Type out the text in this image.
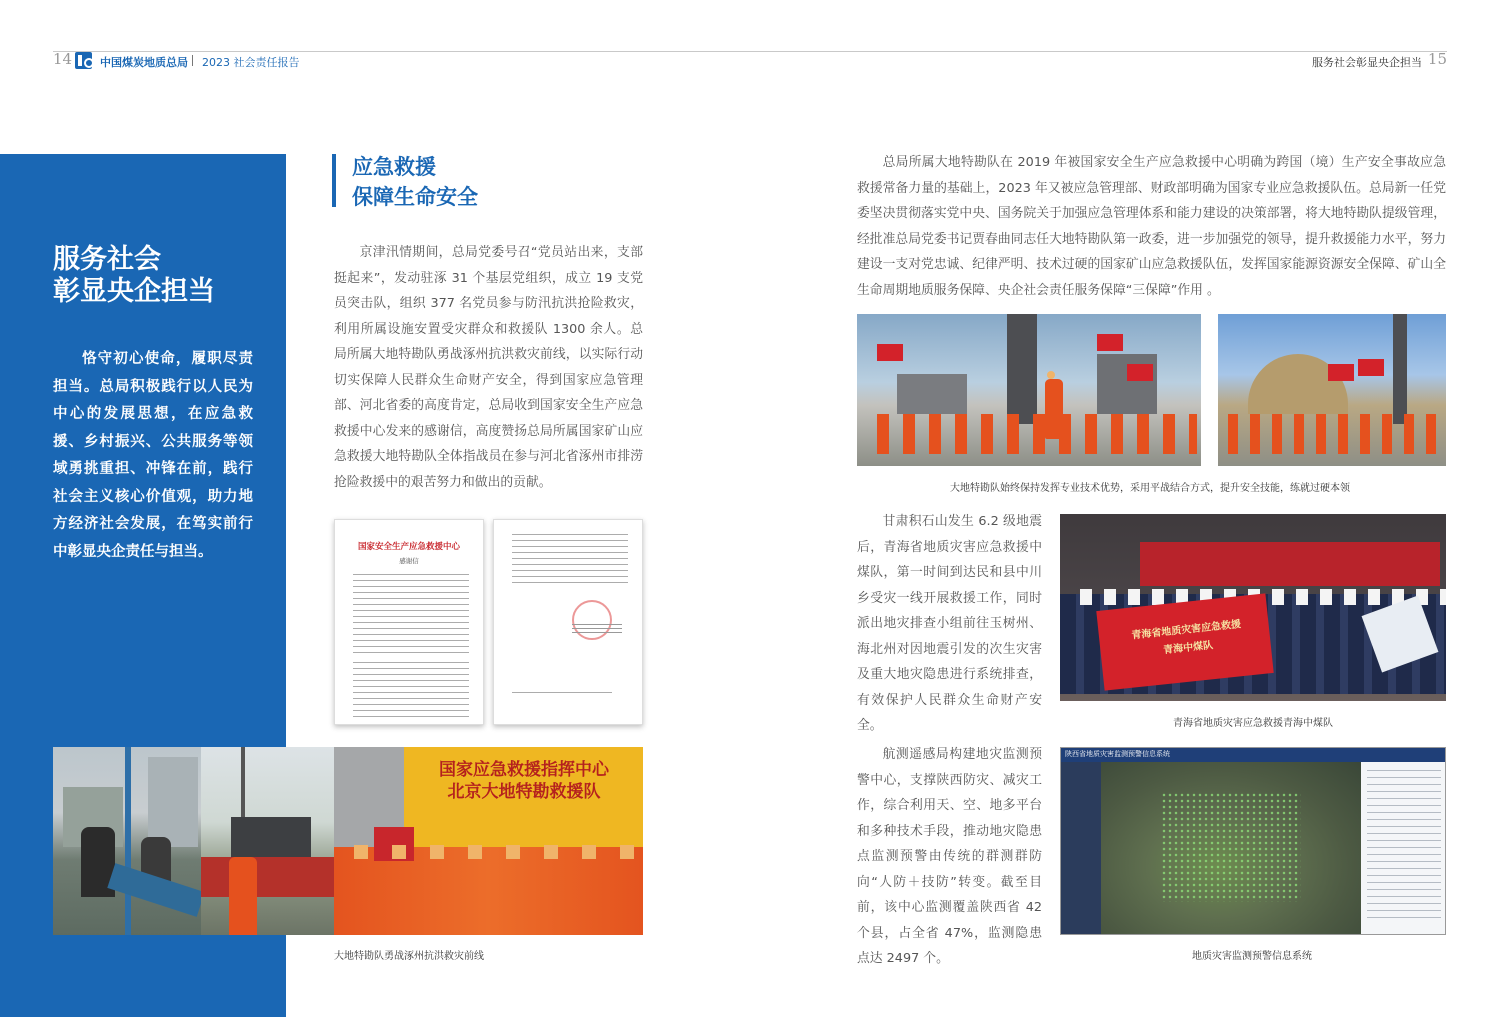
14	中国煤炭地质总局 2023 社会责任报告	服务社会彰显央企担当 15
服务社会
彰显央企担当
恪守初心使命，履职尽责担当。总局积极践行以人民为中心的发展思想，在应急救援、乡村振兴、公共服务等领域勇挑重担、冲锋在前，践行社会主义核心价值观，助力地方经济社会发展，在笃实前行中彰显央企责任与担当。
应急救援
保障生命安全
京津汛情期间，总局党委号召“党员站出来，支部挺起来”，发动驻涿 31 个基层党组织，成立 19 支党员突击队，组织 377 名党员参与防汛抗洪抢险救灾，利用所属设施安置受灾群众和救援队 1300 余人。总局所属大地特勘队勇战涿州抗洪救灾前线，以实际行动切实保障人民群众生命财产安全，得到国家应急管理部、河北省委的高度肯定，总局收到国家安全生产应急救援中心发来的感谢信，高度赞扬总局所属国家矿山应急救援大地特勘队全体指战员在参与河北省涿州市排涝抢险救援中的艰苦努力和做出的贡献。
国家安全生产应急救援中心
感谢信
国家应急救援指挥中心
北京大地特勘救援队
大地特勘队勇战涿州抗洪救灾前线
总局所属大地特勘队在 2019 年被国家安全生产应急救援中心明确为跨国（境）生产安全事故应急救援常备力量的基础上，2023 年又被应急管理部、财政部明确为国家专业应急救援队伍。总局新一任党委坚决贯彻落实党中央、国务院关于加强应急管理体系和能力建设的决策部署，将大地特勘队提级管理，经批准总局党委书记贾春曲同志任大地特勘队第一政委，进一步加强党的领导，提升救援能力水平，努力建设一支对党忠诚、纪律严明、技术过硬的国家矿山应急救援队伍，发挥国家能源资源安全保障、矿山全生命周期地质服务保障、央企社会责任服务保障“三保障”作用 。
大地特勘队始终保持发挥专业技术优势，采用平战结合方式，提升安全技能，练就过硬本领
甘肃积石山发生 6.2 级地震后，青海省地质灾害应急救援中煤队，第一时间到达民和县中川乡受灾一线开展救援工作，同时派出地灾排查小组前往玉树州、海北州对因地震引发的次生灾害及重大地灾隐患进行系统排查，有效保护人民群众生命财产安全。
青海省地质灾害应急救援
青海中煤队
青海省地质灾害应急救援青海中煤队
航测遥感局构建地灾监测预警中心，支撑陕西防灾、减灾工作，综合利用天、空、地多平台和多种技术手段，推动地灾隐患点监测预警由传统的群测群防向“人防＋技防”转变。截至目前，该中心监测覆盖陕西省 42 个县，占全省 47%，监测隐患点达 2497 个。
陕西省地质灾害监测预警信息系统
地质灾害监测预警信息系统
